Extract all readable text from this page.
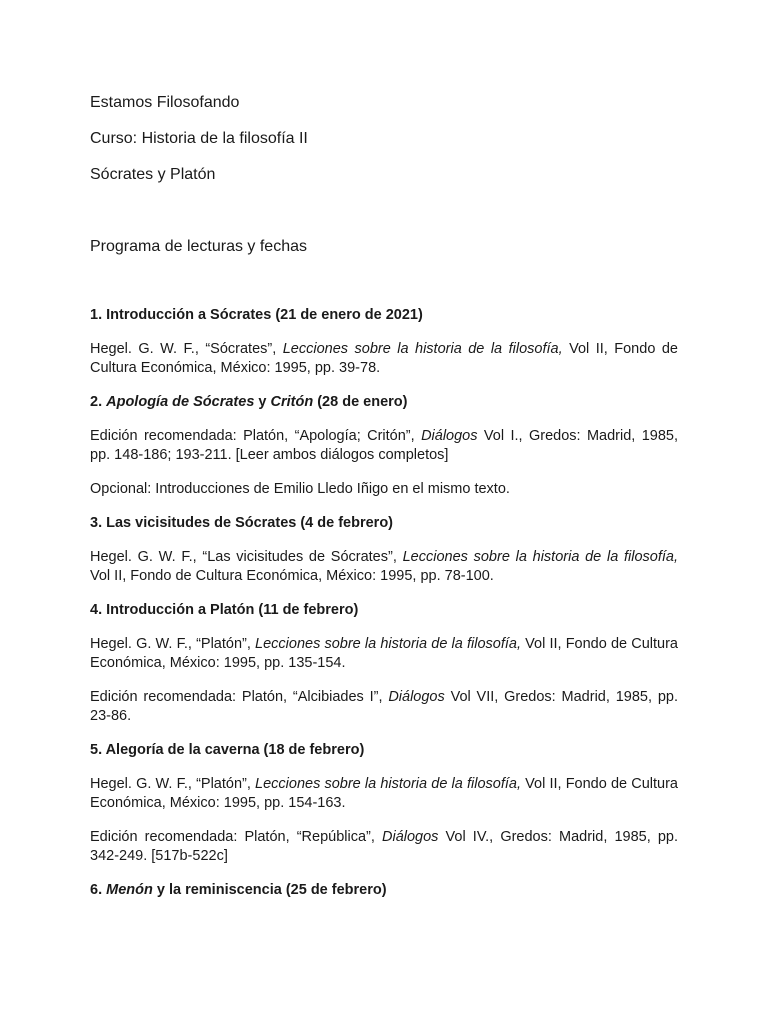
Estamos Filosofando
Curso: Historia de la filosofía II
Sócrates y Platón
Programa de lecturas y fechas

1. Introducción a Sócrates (21 de enero de 2021)

Hegel. G. W. F., “Sócrates”, Lecciones sobre la historia de la filosofía, Vol II, Fondo de Cultura Económica, México: 1995, pp. 39-78.

2. Apología de Sócrates y Critón (28 de enero)

Edición recomendada: Platón, “Apología; Critón”, Diálogos Vol I., Gredos: Madrid, 1985, pp. 148-186; 193-211. [Leer ambos diálogos completos]

Opcional: Introducciones de Emilio Lledo Iñigo en el mismo texto.

3. Las vicisitudes de Sócrates (4 de febrero)

Hegel. G. W. F., “Las vicisitudes de Sócrates”, Lecciones sobre la historia de la filosofía, Vol II, Fondo de Cultura Económica, México: 1995, pp. 78-100.

4. Introducción a Platón (11 de febrero)

Hegel. G. W. F., “Platón”, Lecciones sobre la historia de la filosofía, Vol II, Fondo de Cultura Económica, México: 1995, pp. 135-154.

Edición recomendada: Platón, “Alcibiades I”, Diálogos Vol VII, Gredos: Madrid, 1985, pp. 23-86.

5. Alegoría de la caverna (18 de febrero)

Hegel. G. W. F., “Platón”, Lecciones sobre la historia de la filosofía, Vol II, Fondo de Cultura Económica, México: 1995, pp. 154-163.

Edición recomendada: Platón, “República”, Diálogos Vol IV., Gredos: Madrid, 1985, pp. 342-249. [517b-522c]

6. Menón y la reminiscencia (25 de febrero)
